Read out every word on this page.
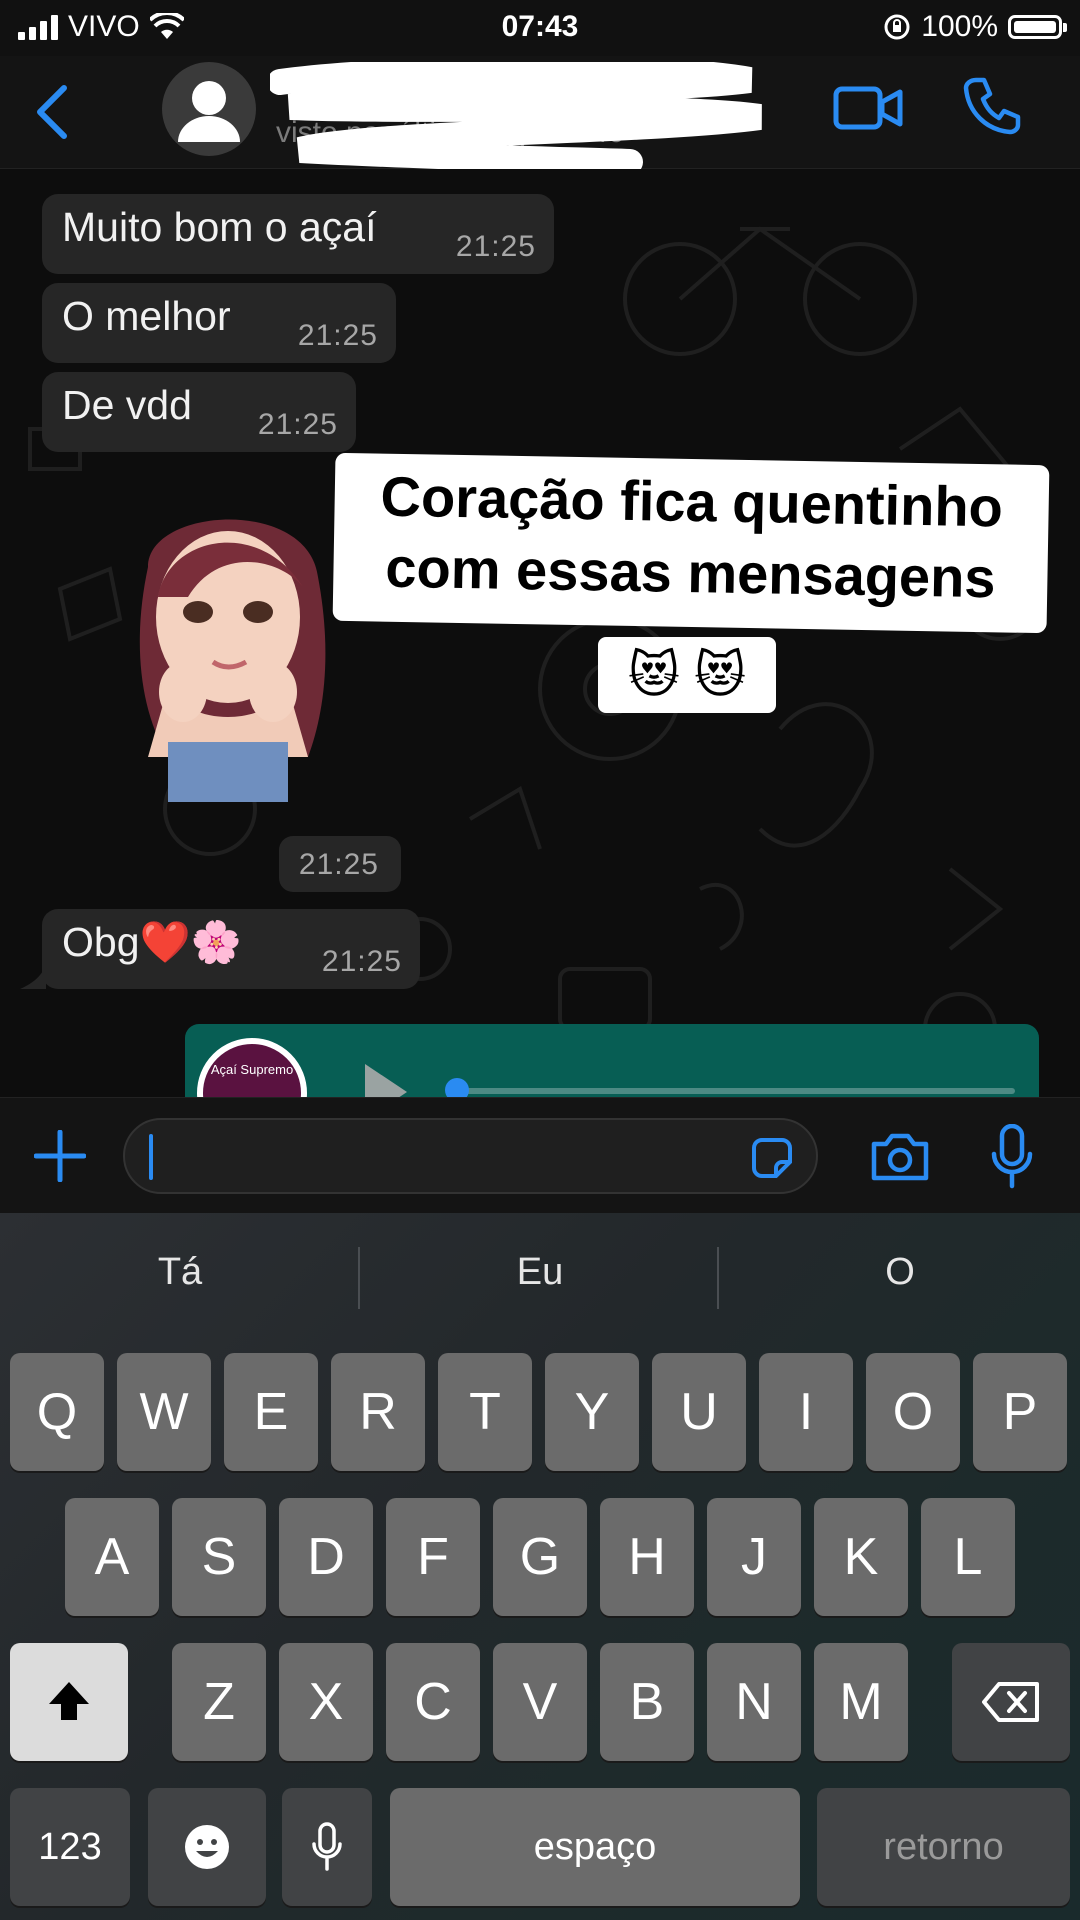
VIVO	07:43	100%
~
visto por último hoje às 40
Muito bom o açaí	21:25
O melhor 21:25
De vdd 21:25
Coração fica quentinho
com essas mensagens
😻 😻
21:25
Obg❤️🌸	21:25
Açaí Supremo
Tá	Eu	O
Q	W	E	R	T	Y	U	I	O	P
A	S	D	F	G	H	J	K	L
Z	X	C	V	B	N	M
123	espaço	retorno
